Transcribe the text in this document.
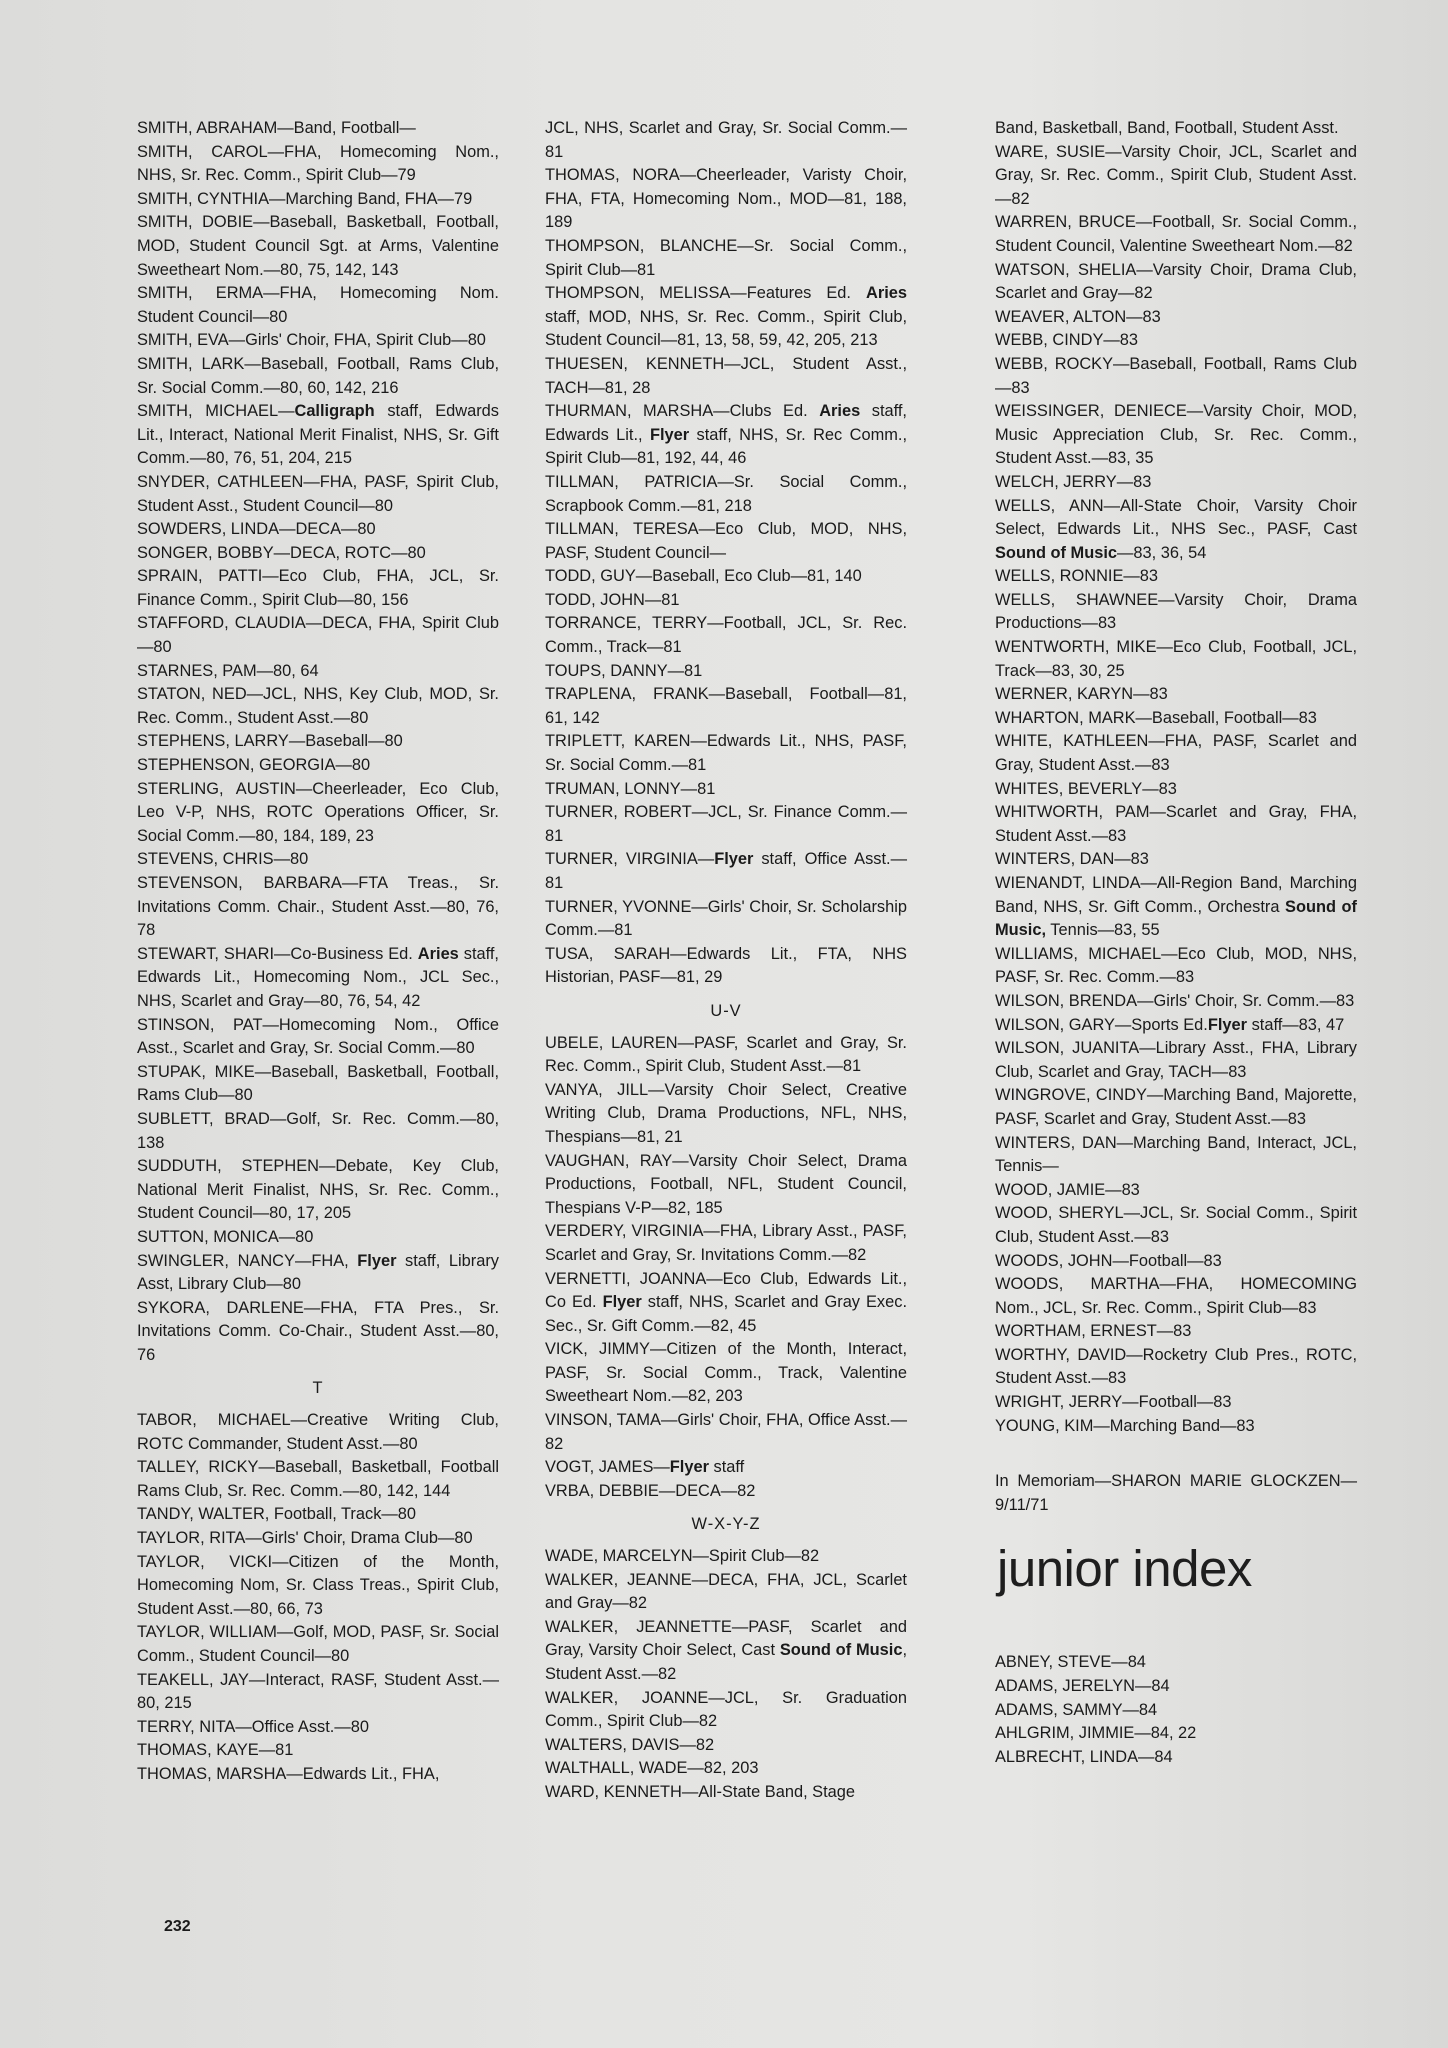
SMITH, ABRAHAM—Band, Football—

SMITH, CAROL—FHA, Homecoming Nom., NHS, Sr. Rec. Comm., Spirit Club—79

SMITH, CYNTHIA—Marching Band, FHA—79

SMITH, DOBIE—Baseball, Basketball, Football, MOD, Student Council Sgt. at Arms, Valentine Sweetheart Nom.—80, 75, 142, 143

SMITH, ERMA—FHA, Homecoming Nom. Student Council—80

SMITH, EVA—Girls' Choir, FHA, Spirit Club—80

SMITH, LARK—Baseball, Football, Rams Club, Sr. Social Comm.—80, 60, 142, 216

SMITH, MICHAEL—Calligraph staff, Edwards Lit., Interact, National Merit Finalist, NHS, Sr. Gift Comm.—80, 76, 51, 204, 215

SNYDER, CATHLEEN—FHA, PASF, Spirit Club, Student Asst., Student Council—80

SOWDERS, LINDA—DECA—80

SONGER, BOBBY—DECA, ROTC—80

SPRAIN, PATTI—Eco Club, FHA, JCL, Sr. Finance Comm., Spirit Club—80, 156

STAFFORD, CLAUDIA—DECA, FHA, Spirit Club—80

STARNES, PAM—80, 64

STATON, NED—JCL, NHS, Key Club, MOD, Sr. Rec. Comm., Student Asst.—80

STEPHENS, LARRY—Baseball—80

STEPHENSON, GEORGIA—80

STERLING, AUSTIN—Cheerleader, Eco Club, Leo V-P, NHS, ROTC Operations Officer, Sr. Social Comm.—80, 184, 189, 23

STEVENS, CHRIS—80

STEVENSON, BARBARA—FTA Treas., Sr. Invitations Comm. Chair., Student Asst.—80, 76, 78

STEWART, SHARI—Co-Business Ed. Aries staff, Edwards Lit., Homecoming Nom., JCL Sec., NHS, Scarlet and Gray—80, 76, 54, 42

STINSON, PAT—Homecoming Nom., Office Asst., Scarlet and Gray, Sr. Social Comm.—80

STUPAK, MIKE—Baseball, Basketball, Football, Rams Club—80

SUBLETT, BRAD—Golf, Sr. Rec. Comm.—80, 138

SUDDUTH, STEPHEN—Debate, Key Club, National Merit Finalist, NHS, Sr. Rec. Comm., Student Council—80, 17, 205

SUTTON, MONICA—80

SWINGLER, NANCY—FHA, Flyer staff, Library Asst, Library Club—80

SYKORA, DARLENE—FHA, FTA Pres., Sr. Invitations Comm. Co-Chair., Student Asst.—80, 76

T

TABOR, MICHAEL—Creative Writing Club, ROTC Commander, Student Asst.—80

TALLEY, RICKY—Baseball, Basketball, Football Rams Club, Sr. Rec. Comm.—80, 142, 144

TANDY, WALTER, Football, Track—80

TAYLOR, RITA—Girls' Choir, Drama Club—80

TAYLOR, VICKI—Citizen of the Month, Homecoming Nom, Sr. Class Treas., Spirit Club, Student Asst.—80, 66, 73

TAYLOR, WILLIAM—Golf, MOD, PASF, Sr. Social Comm., Student Council—80

TEAKELL, JAY—Interact, RASF, Student Asst.—80, 215

TERRY, NITA—Office Asst.—80

THOMAS, KAYE—81

THOMAS, MARSHA—Edwards Lit., FHA,

JCL, NHS, Scarlet and Gray, Sr. Social Comm.—81

THOMAS, NORA—Cheerleader, Varisty Choir, FHA, FTA, Homecoming Nom., MOD—81, 188, 189

THOMPSON, BLANCHE—Sr. Social Comm., Spirit Club—81

THOMPSON, MELISSA—Features Ed. Aries staff, MOD, NHS, Sr. Rec. Comm., Spirit Club, Student Council—81, 13, 58, 59, 42, 205, 213

THUESEN, KENNETH—JCL, Student Asst., TACH—81, 28

THURMAN, MARSHA—Clubs Ed. Aries staff, Edwards Lit., Flyer staff, NHS, Sr. Rec Comm., Spirit Club—81, 192, 44, 46

TILLMAN, PATRICIA—Sr. Social Comm., Scrapbook Comm.—81, 218

TILLMAN, TERESA—Eco Club, MOD, NHS, PASF, Student Council—

TODD, GUY—Baseball, Eco Club—81, 140

TODD, JOHN—81

TORRANCE, TERRY—Football, JCL, Sr. Rec. Comm., Track—81

TOUPS, DANNY—81

TRAPLENA, FRANK—Baseball, Football—81, 61, 142

TRIPLETT, KAREN—Edwards Lit., NHS, PASF, Sr. Social Comm.—81

TRUMAN, LONNY—81

TURNER, ROBERT—JCL, Sr. Finance Comm.—81

TURNER, VIRGINIA—Flyer staff, Office Asst.—81

TURNER, YVONNE—Girls' Choir, Sr. Scholarship Comm.—81

TUSA, SARAH—Edwards Lit., FTA, NHS Historian, PASF—81, 29

U-V

UBELE, LAUREN—PASF, Scarlet and Gray, Sr. Rec. Comm., Spirit Club, Student Asst.—81

VANYA, JILL—Varsity Choir Select, Creative Writing Club, Drama Productions, NFL, NHS, Thespians—81, 21

VAUGHAN, RAY—Varsity Choir Select, Drama Productions, Football, NFL, Student Council, Thespians V-P—82, 185

VERDERY, VIRGINIA—FHA, Library Asst., PASF, Scarlet and Gray, Sr. Invitations Comm.—82

VERNETTI, JOANNA—Eco Club, Edwards Lit., Co Ed. Flyer staff, NHS, Scarlet and Gray Exec. Sec., Sr. Gift Comm.—82, 45

VICK, JIMMY—Citizen of the Month, Interact, PASF, Sr. Social Comm., Track, Valentine Sweetheart Nom.—82, 203

VINSON, TAMA—Girls' Choir, FHA, Office Asst.—82

VOGT, JAMES—Flyer staff

VRBA, DEBBIE—DECA—82

W-X-Y-Z

WADE, MARCELYN—Spirit Club—82

WALKER, JEANNE—DECA, FHA, JCL, Scarlet and Gray—82

WALKER, JEANNETTE—PASF, Scarlet and Gray, Varsity Choir Select, Cast Sound of Music, Student Asst.—82

WALKER, JOANNE—JCL, Sr. Graduation Comm., Spirit Club—82

WALTERS, DAVIS—82

WALTHALL, WADE—82, 203

WARD, KENNETH—All-State Band, Stage

Band, Basketball, Band, Football, Student Asst.

WARE, SUSIE—Varsity Choir, JCL, Scarlet and Gray, Sr. Rec. Comm., Spirit Club, Student Asst.—82

WARREN, BRUCE—Football, Sr. Social Comm., Student Council, Valentine Sweetheart Nom.—82

WATSON, SHELIA—Varsity Choir, Drama Club, Scarlet and Gray—82

WEAVER, ALTON—83

WEBB, CINDY—83

WEBB, ROCKY—Baseball, Football, Rams Club—83

WEISSINGER, DENIECE—Varsity Choir, MOD, Music Appreciation Club, Sr. Rec. Comm., Student Asst.—83, 35

WELCH, JERRY—83

WELLS, ANN—All-State Choir, Varsity Choir Select, Edwards Lit., NHS Sec., PASF, Cast Sound of Music—83, 36, 54

WELLS, RONNIE—83

WELLS, SHAWNEE—Varsity Choir, Drama Productions—83

WENTWORTH, MIKE—Eco Club, Football, JCL, Track—83, 30, 25

WERNER, KARYN—83

WHARTON, MARK—Baseball, Football—83

WHITE, KATHLEEN—FHA, PASF, Scarlet and Gray, Student Asst.—83

WHITES, BEVERLY—83

WHITWORTH, PAM—Scarlet and Gray, FHA, Student Asst.—83

WINTERS, DAN—83

WIENANDT, LINDA—All-Region Band, Marching Band, NHS, Sr. Gift Comm., Orchestra Sound of Music, Tennis—83, 55

WILLIAMS, MICHAEL—Eco Club, MOD, NHS, PASF, Sr. Rec. Comm.—83

WILSON, BRENDA—Girls' Choir, Sr. Comm.—83

WILSON, GARY—Sports Ed.Flyer staff—83, 47

WILSON, JUANITA—Library Asst., FHA, Library Club, Scarlet and Gray, TACH—83

WINGROVE, CINDY—Marching Band, Majorette, PASF, Scarlet and Gray, Student Asst.—83

WINTERS, DAN—Marching Band, Interact, JCL, Tennis—

WOOD, JAMIE—83

WOOD, SHERYL—JCL, Sr. Social Comm., Spirit Club, Student Asst.—83

WOODS, JOHN—Football—83

WOODS, MARTHA—FHA, HOMECOMING Nom., JCL, Sr. Rec. Comm., Spirit Club—83

WORTHAM, ERNEST—83

WORTHY, DAVID—Rocketry Club Pres., ROTC, Student Asst.—83

WRIGHT, JERRY—Football—83

YOUNG, KIM—Marching Band—83

In Memoriam—SHARON MARIE GLOCKZEN—9/11/71

junior index

ABNEY, STEVE—84

ADAMS, JERELYN—84

ADAMS, SAMMY—84

AHLGRIM, JIMMIE—84, 22

ALBRECHT, LINDA—84

232
